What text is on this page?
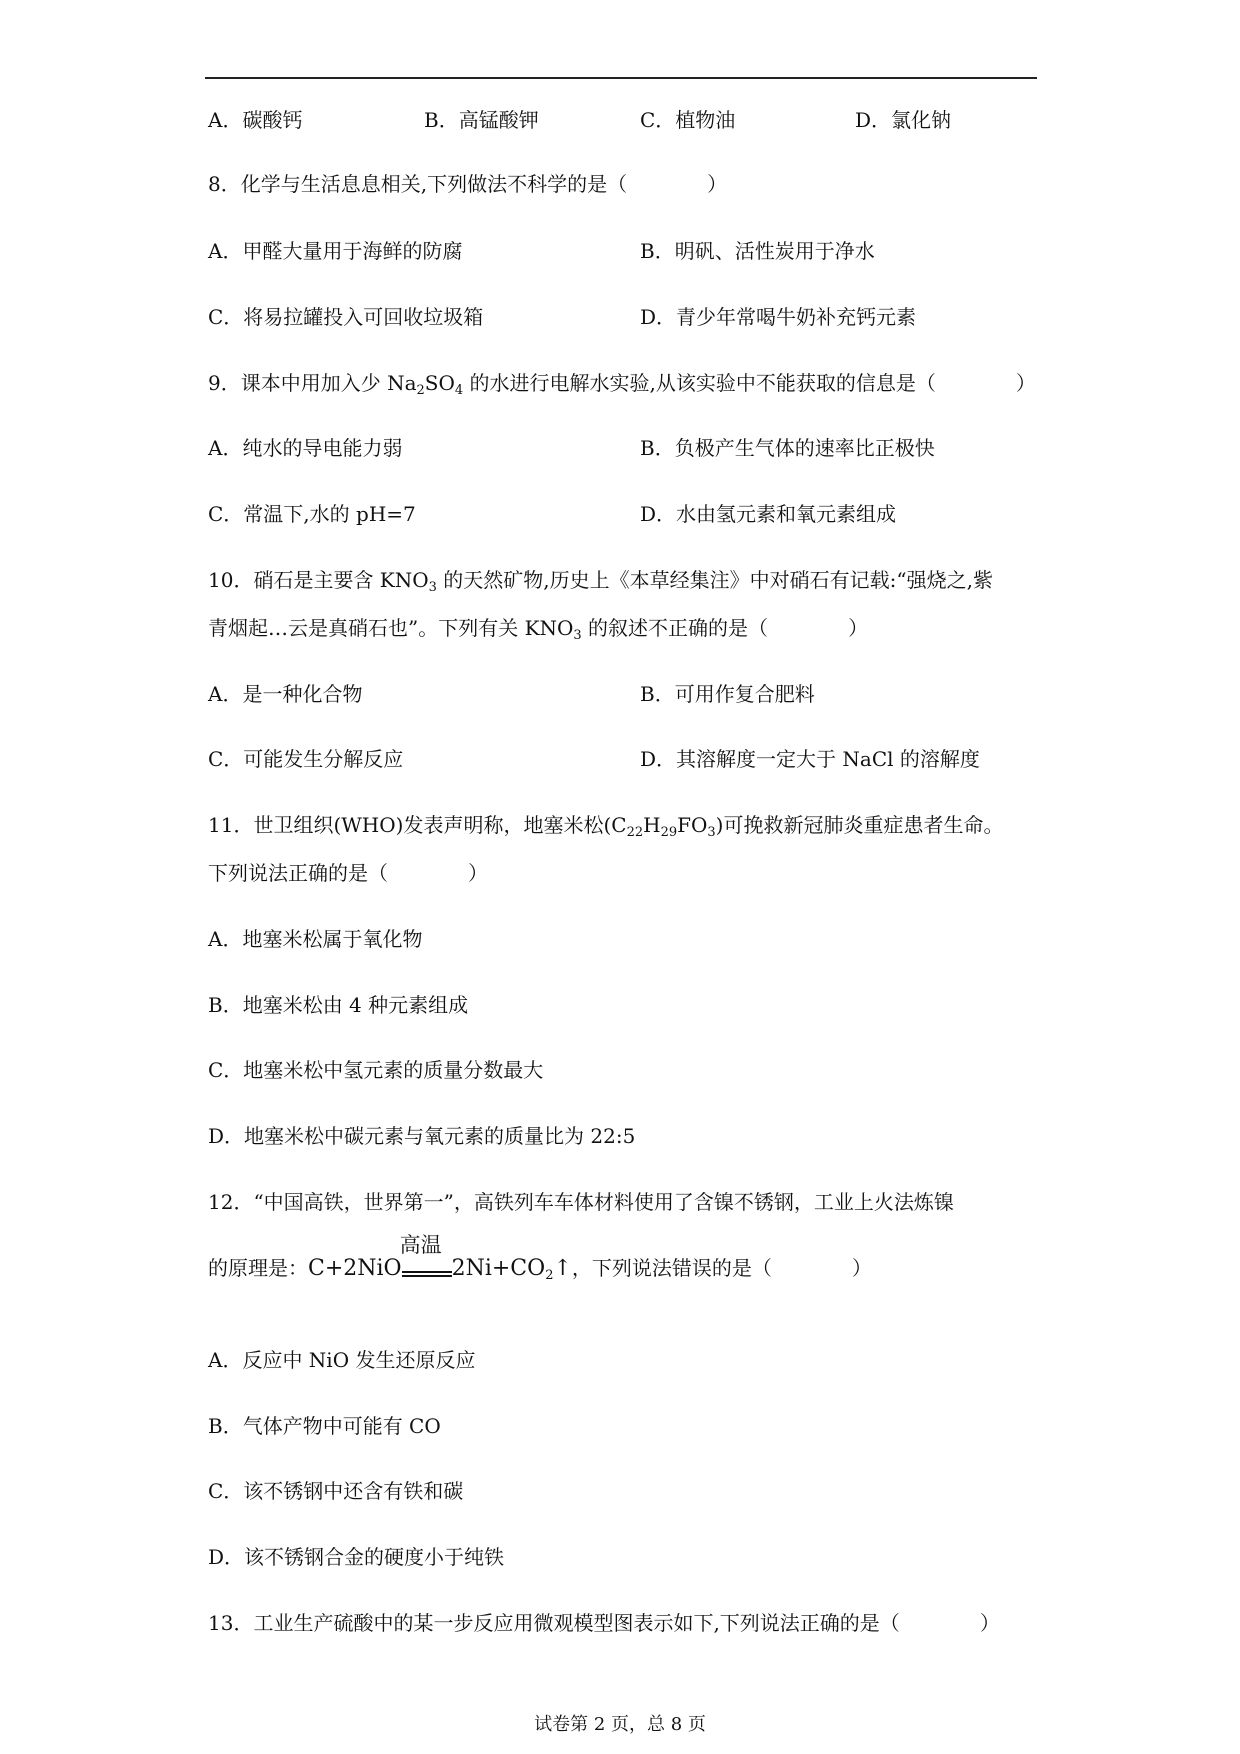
A．碳酸钙	B．高锰酸钾	C．植物油	D．氯化钠
8．化学与生活息息相关,下列做法不科学的是（	）
A．甲醛大量用于海鲜的防腐	B．明矾、活性炭用于净水
C．将易拉罐投入可回收垃圾箱	D．青少年常喝牛奶补充钙元素
9．课本中用加入少 $Na_2SO_4$ 的水进行电解水实验,从该实验中不能获取的信息是（	）
A．纯水的导电能力弱	B．负极产生气体的速率比正极快
C．常温下,水的 pH=7	D．水由氢元素和氧元素组成
10．硝石是主要含 $KNO_3$ 的天然矿物,历史上《本草经集注》中对硝石有记载:“强烧之,紫
青烟起…云是真硝石也”。下列有关 $KNO_3$ 的叙述不正确的是（	）
A．是一种化合物	B．可用作复合肥料
C．可能发生分解反应	D．其溶解度一定大于 NaCl 的溶解度
11．世卫组织(WHO)发表声明称，地塞米松$(C_{22}H_{29}FO_3)$可挽救新冠肺炎重症患者生命。
下列说法正确的是（	）
A．地塞米松属于氧化物
B．地塞米松由 4 种元素组成
C．地塞米松中氢元素的质量分数最大
D．地塞米松中碳元素与氧元素的质量比为 22:5
12．“中国高铁，世界第一”，高铁列车车体材料使用了含镍不锈钢，工业上火法炼镍
的原理是：C+2NiO
高温
$2Ni+CO_2↑$，下列说法错误的是（	）
A．反应中 NiO 发生还原反应
B．气体产物中可能有 CO
C．该不锈钢中还含有铁和碳
D．该不锈钢合金的硬度小于纯铁
13．工业生产硫酸中的某一步反应用微观模型图表示如下,下列说法正确的是（	）
试卷第 2 页，总 8 页
